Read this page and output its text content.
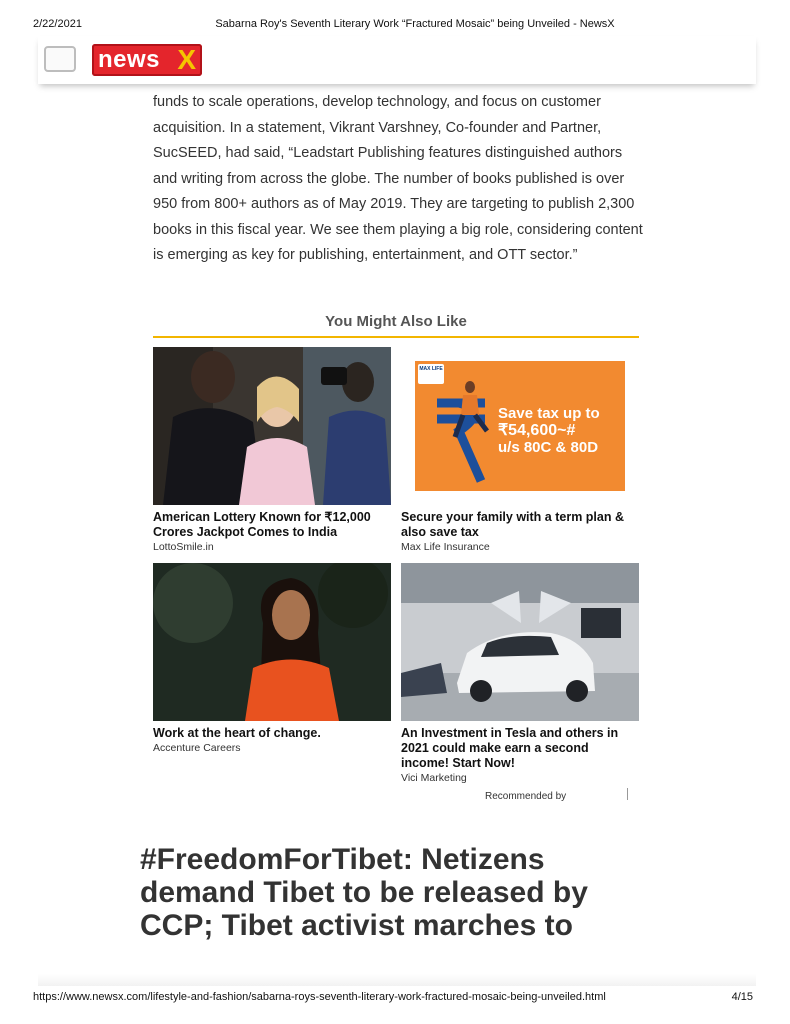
2/22/2021	Sabarna Roy's Seventh Literary Work “Fractured Mosaic” being Unveiled - NewsX
news X

funds to scale operations, develop technology, and focus on customer acquisition. In a statement, Vikrant Varshney, Co-founder and Partner, SucSEED, had said, “Leadstart Publishing features distinguished authors and writing from across the globe. The number of books published is over 950 from 800+ authors as of May 2019. They are targeting to publish 2,300 books in this fiscal year. We see them playing a big role, considering content is emerging as key for publishing, entertainment, and OTT sector.”

You Might Also Like
American Lottery Known for ₹12,000 Crores Jackpot Comes to India
LottoSmile.in
MAX LIFE
Save tax up to
₹54,600~#
u/s 80C & 80D
Secure your family with a term plan & also save tax
Max Life Insurance
Work at the heart of change.
Accenture Careers
An Investment in Tesla and others in 2021 could make earn a second income! Start Now!
Vici Marketing
Recommended by
#FreedomForTibet: Netizens demand Tibet to be released by CCP; Tibet activist marches to
https://www.newsx.com/lifestyle-and-fashion/sabarna-roys-seventh-literary-work-fractured-mosaic-being-unveiled.html	4/15
